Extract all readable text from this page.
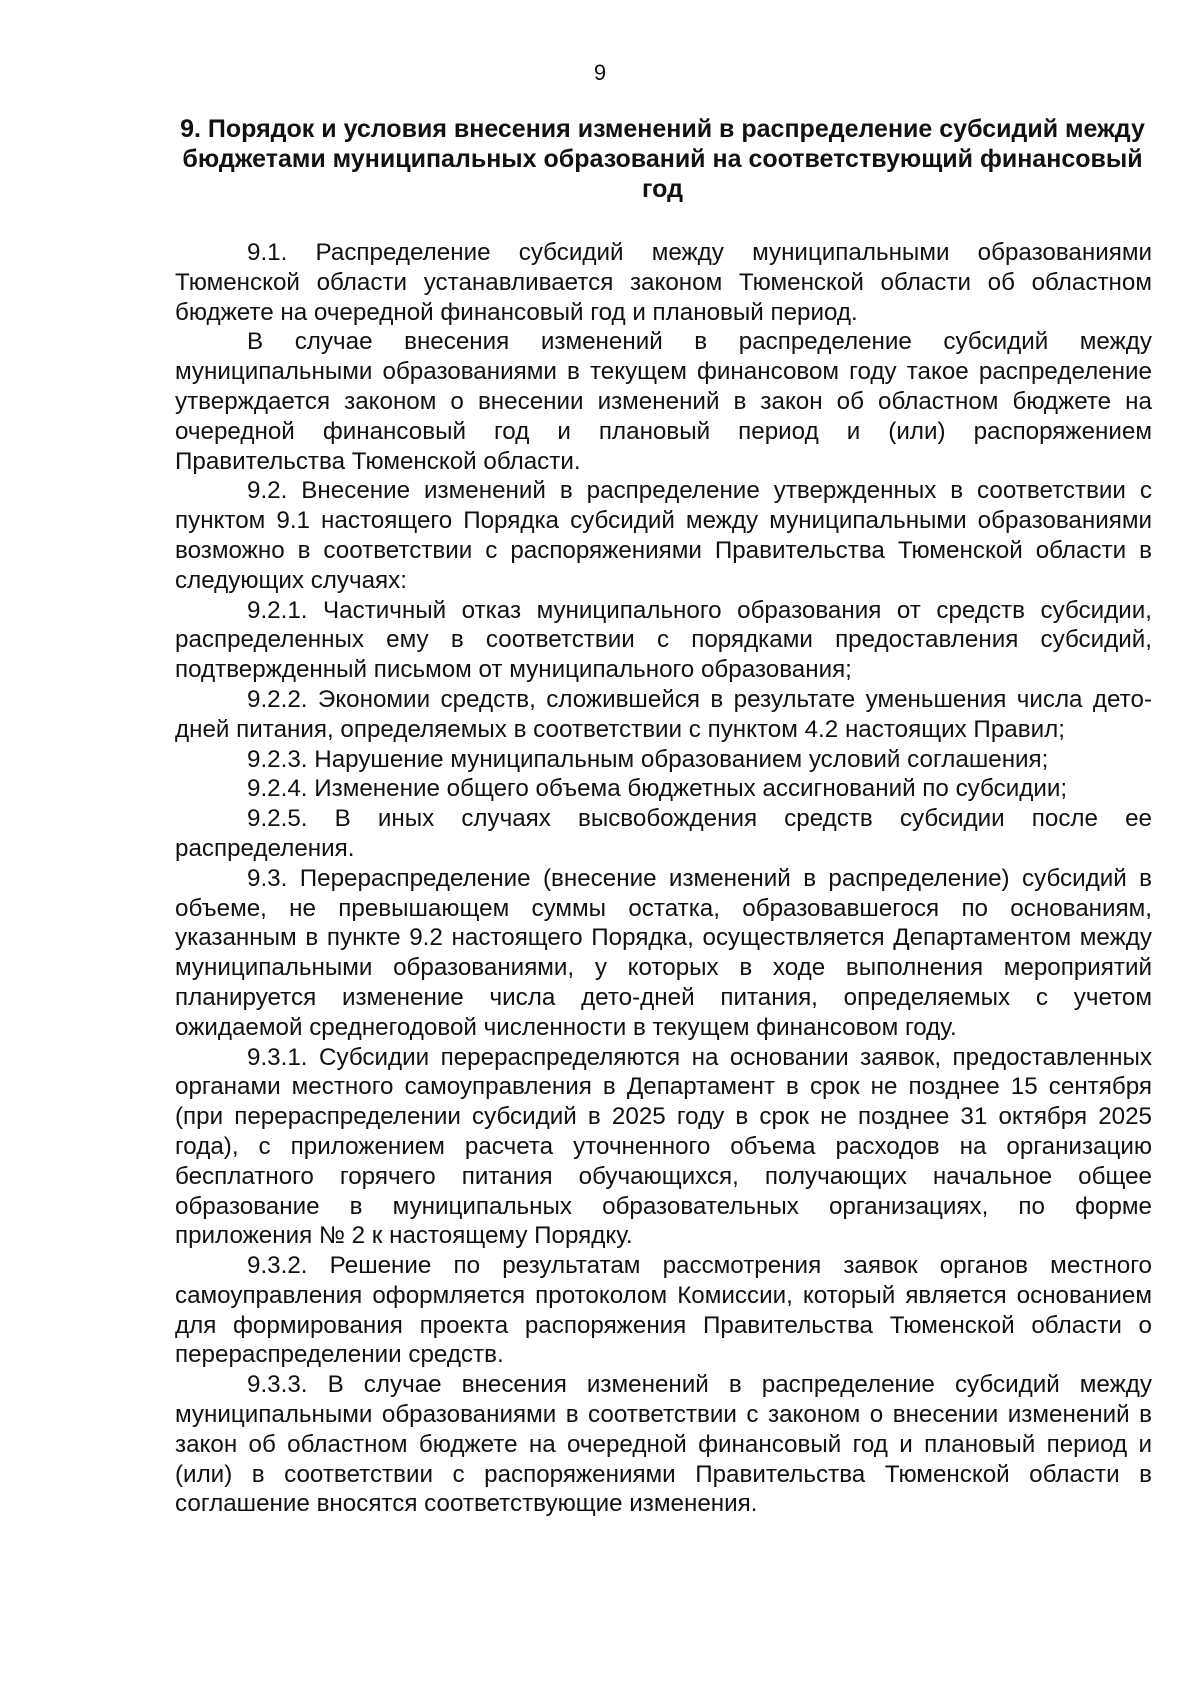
9
9. Порядок и условия внесения изменений в распределение субсидий между бюджетами муниципальных образований на соответствующий финансовый год

9.1. Распределение субсидий между муниципальными образованиями Тюменской области устанавливается законом Тюменской области об областном бюджете на очередной финансовый год и плановый период.

В случае внесения изменений в распределение субсидий между муниципальными образованиями в текущем финансовом году такое распределение утверждается законом о внесении изменений в закон об областном бюджете на очередной финансовый год и плановый период и (или) распоряжением Правительства Тюменской области.

9.2. Внесение изменений в распределение утвержденных в соответствии с пунктом 9.1 настоящего Порядка субсидий между муниципальными образованиями возможно в соответствии с распоряжениями Правительства Тюменской области в следующих случаях:

9.2.1. Частичный отказ муниципального образования от средств субсидии, распределенных ему в соответствии с порядками предоставления субсидий, подтвержденный письмом от муниципального образования;

9.2.2. Экономии средств, сложившейся в результате уменьшения числа дето-дней питания, определяемых в соответствии с пунктом 4.2 настоящих Правил;

9.2.3. Нарушение муниципальным образованием условий соглашения;

9.2.4. Изменение общего объема бюджетных ассигнований по субсидии;

9.2.5. В иных случаях высвобождения средств субсидии после ее распределения.

9.3. Перераспределение (внесение изменений в распределение) субсидий в объеме, не превышающем суммы остатка, образовавшегося по основаниям, указанным в пункте 9.2 настоящего Порядка, осуществляется Департаментом между муниципальными образованиями, у которых в ходе выполнения мероприятий планируется изменение числа дето-дней питания, определяемых с учетом ожидаемой среднегодовой численности в текущем финансовом году.

9.3.1. Субсидии перераспределяются на основании заявок, предоставленных органами местного самоуправления в Департамент в срок не позднее 15 сентября (при перераспределении субсидий в 2025 году в срок не позднее 31 октября 2025 года), с приложением расчета уточненного объема расходов на организацию бесплатного горячего питания обучающихся, получающих начальное общее образование в муниципальных образовательных организациях, по форме приложения № 2 к настоящему Порядку.

9.3.2. Решение по результатам рассмотрения заявок органов местного самоуправления оформляется протоколом Комиссии, который является основанием для формирования проекта распоряжения Правительства Тюменской области о перераспределении средств.

9.3.3. В случае внесения изменений в распределение субсидий между муниципальными образованиями в соответствии с законом о внесении изменений в закон об областном бюджете на очередной финансовый год и плановый период и (или) в соответствии с распоряжениями Правительства Тюменской области в соглашение вносятся соответствующие изменения.
